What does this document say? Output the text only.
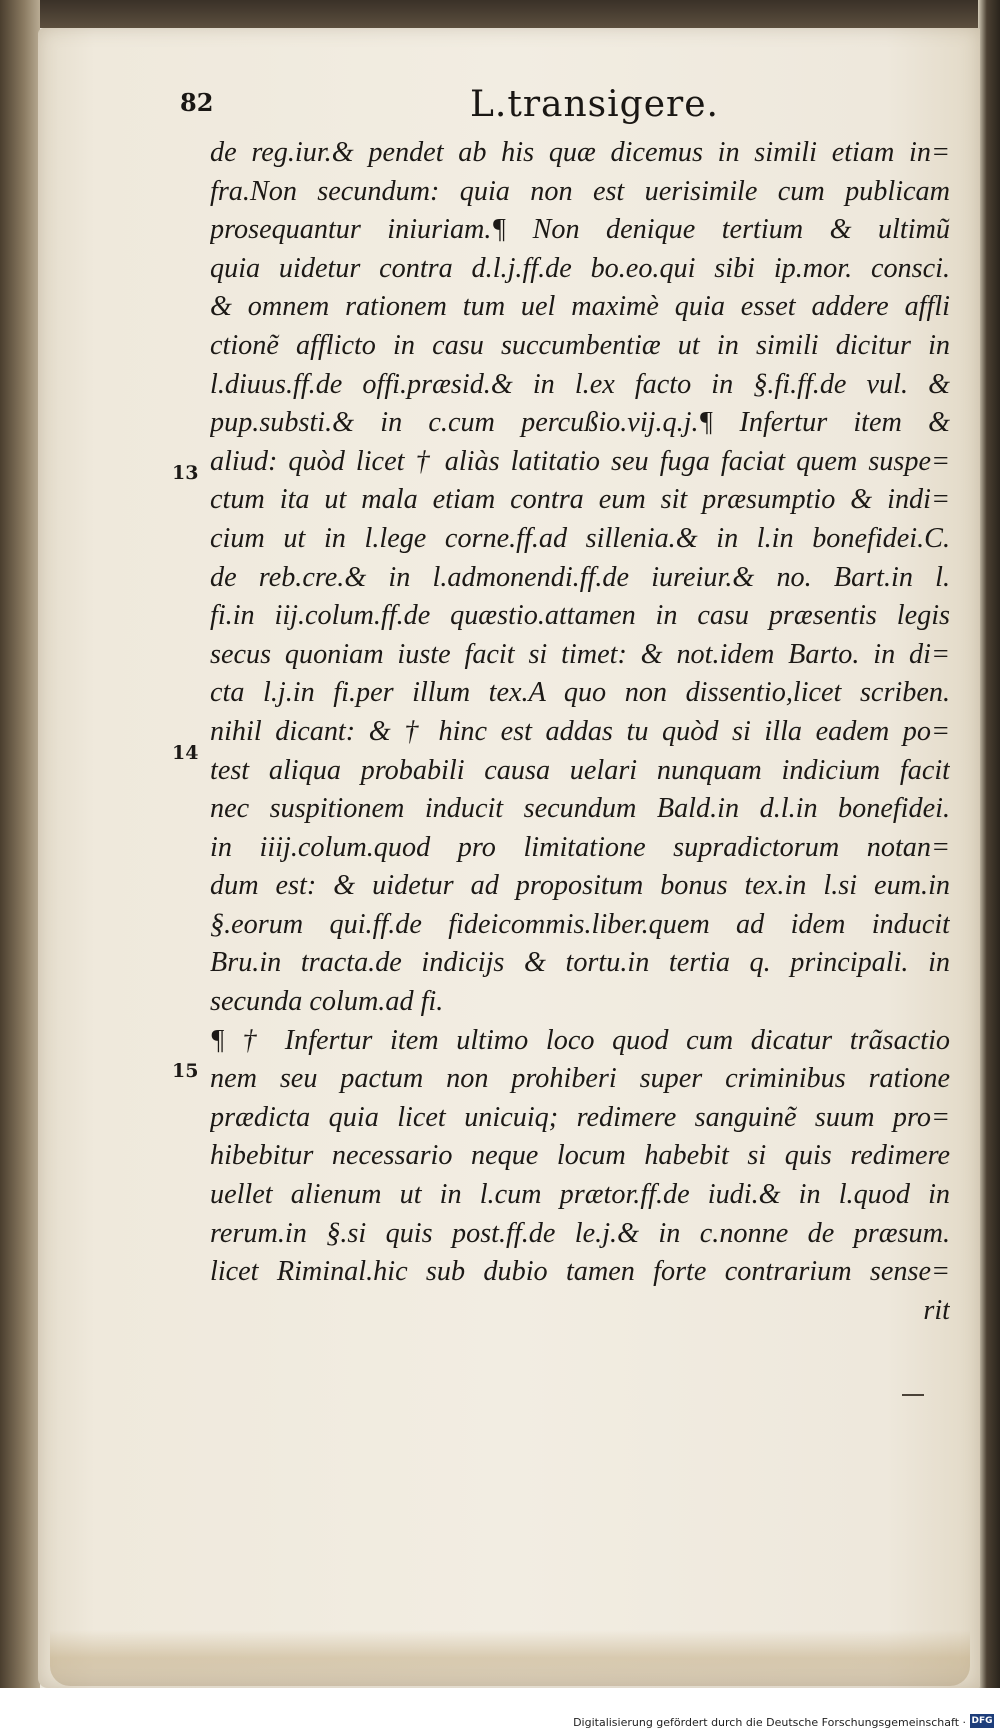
82	L.transigere.
13
14
15
de reg.iur.& pendet ab his quæ dicemus in simili etiam in=
fra.Non secundum: quia non est uerisimile cum publicam
prosequantur iniuriam.¶ Non denique tertium & ultimũ
quia uidetur contra d.l.j.ff.de bo.eo.qui sibi ip.mor. consci.
& omnem rationem tum uel maximè quia esset addere affli
ctionẽ afflicto in casu succumbentiæ ut in simili dicitur in
l.diuus.ff.de offi.præsid.& in l.ex facto in §.fi.ff.de vul. &
pup.substi.& in c.cum percußio.vij.q.j.¶ Infertur item &
aliud: quòd licet † aliàs latitatio seu fuga faciat quem suspe=
ctum ita ut mala etiam contra eum sit præsumptio & indi=
cium ut in l.lege corne.ff.ad sillenia.& in l.in bonefidei.C.
de reb.cre.& in l.admonendi.ff.de iureiur.& no. Bart.in l.
fi.in iij.colum.ff.de quæstio.attamen in casu præsentis legis
secus quoniam iuste facit si timet: & not.idem Barto. in di=
cta l.j.in fi.per illum tex.A quo non dissentio,licet scriben.
nihil dicant: & † hinc est addas tu quòd si illa eadem po=
test aliqua probabili causa uelari nunquam indicium facit
nec suspitionem inducit secundum Bald.in d.l.in bonefidei.
in iiij.colum.quod pro limitatione supradictorum notan=
dum est: & uidetur ad propositum bonus tex.in l.si eum.in
§.eorum qui.ff.de fideicommis.liber.quem ad idem inducit
Bru.in tracta.de indicijs & tortu.in tertia q. principali. in
secunda colum.ad fi.
¶ † Infertur item ultimo loco quod cum dicatur trãsactio
nem seu pactum non prohiberi super criminibus ratione
prædicta quia licet unicuiq; redimere sanguinẽ suum pro=
hibebitur necessario neque locum habebit si quis redimere
uellet alienum ut in l.cum prætor.ff.de iudi.& in l.quod in
rerum.in §.si quis post.ff.de le.j.& in c.nonne de præsum.
licet Riminal.hic sub dubio tamen forte contrarium sense=
rit
Digitalisierung gefördert durch die Deutsche Forschungsgemeinschaft · DFG
